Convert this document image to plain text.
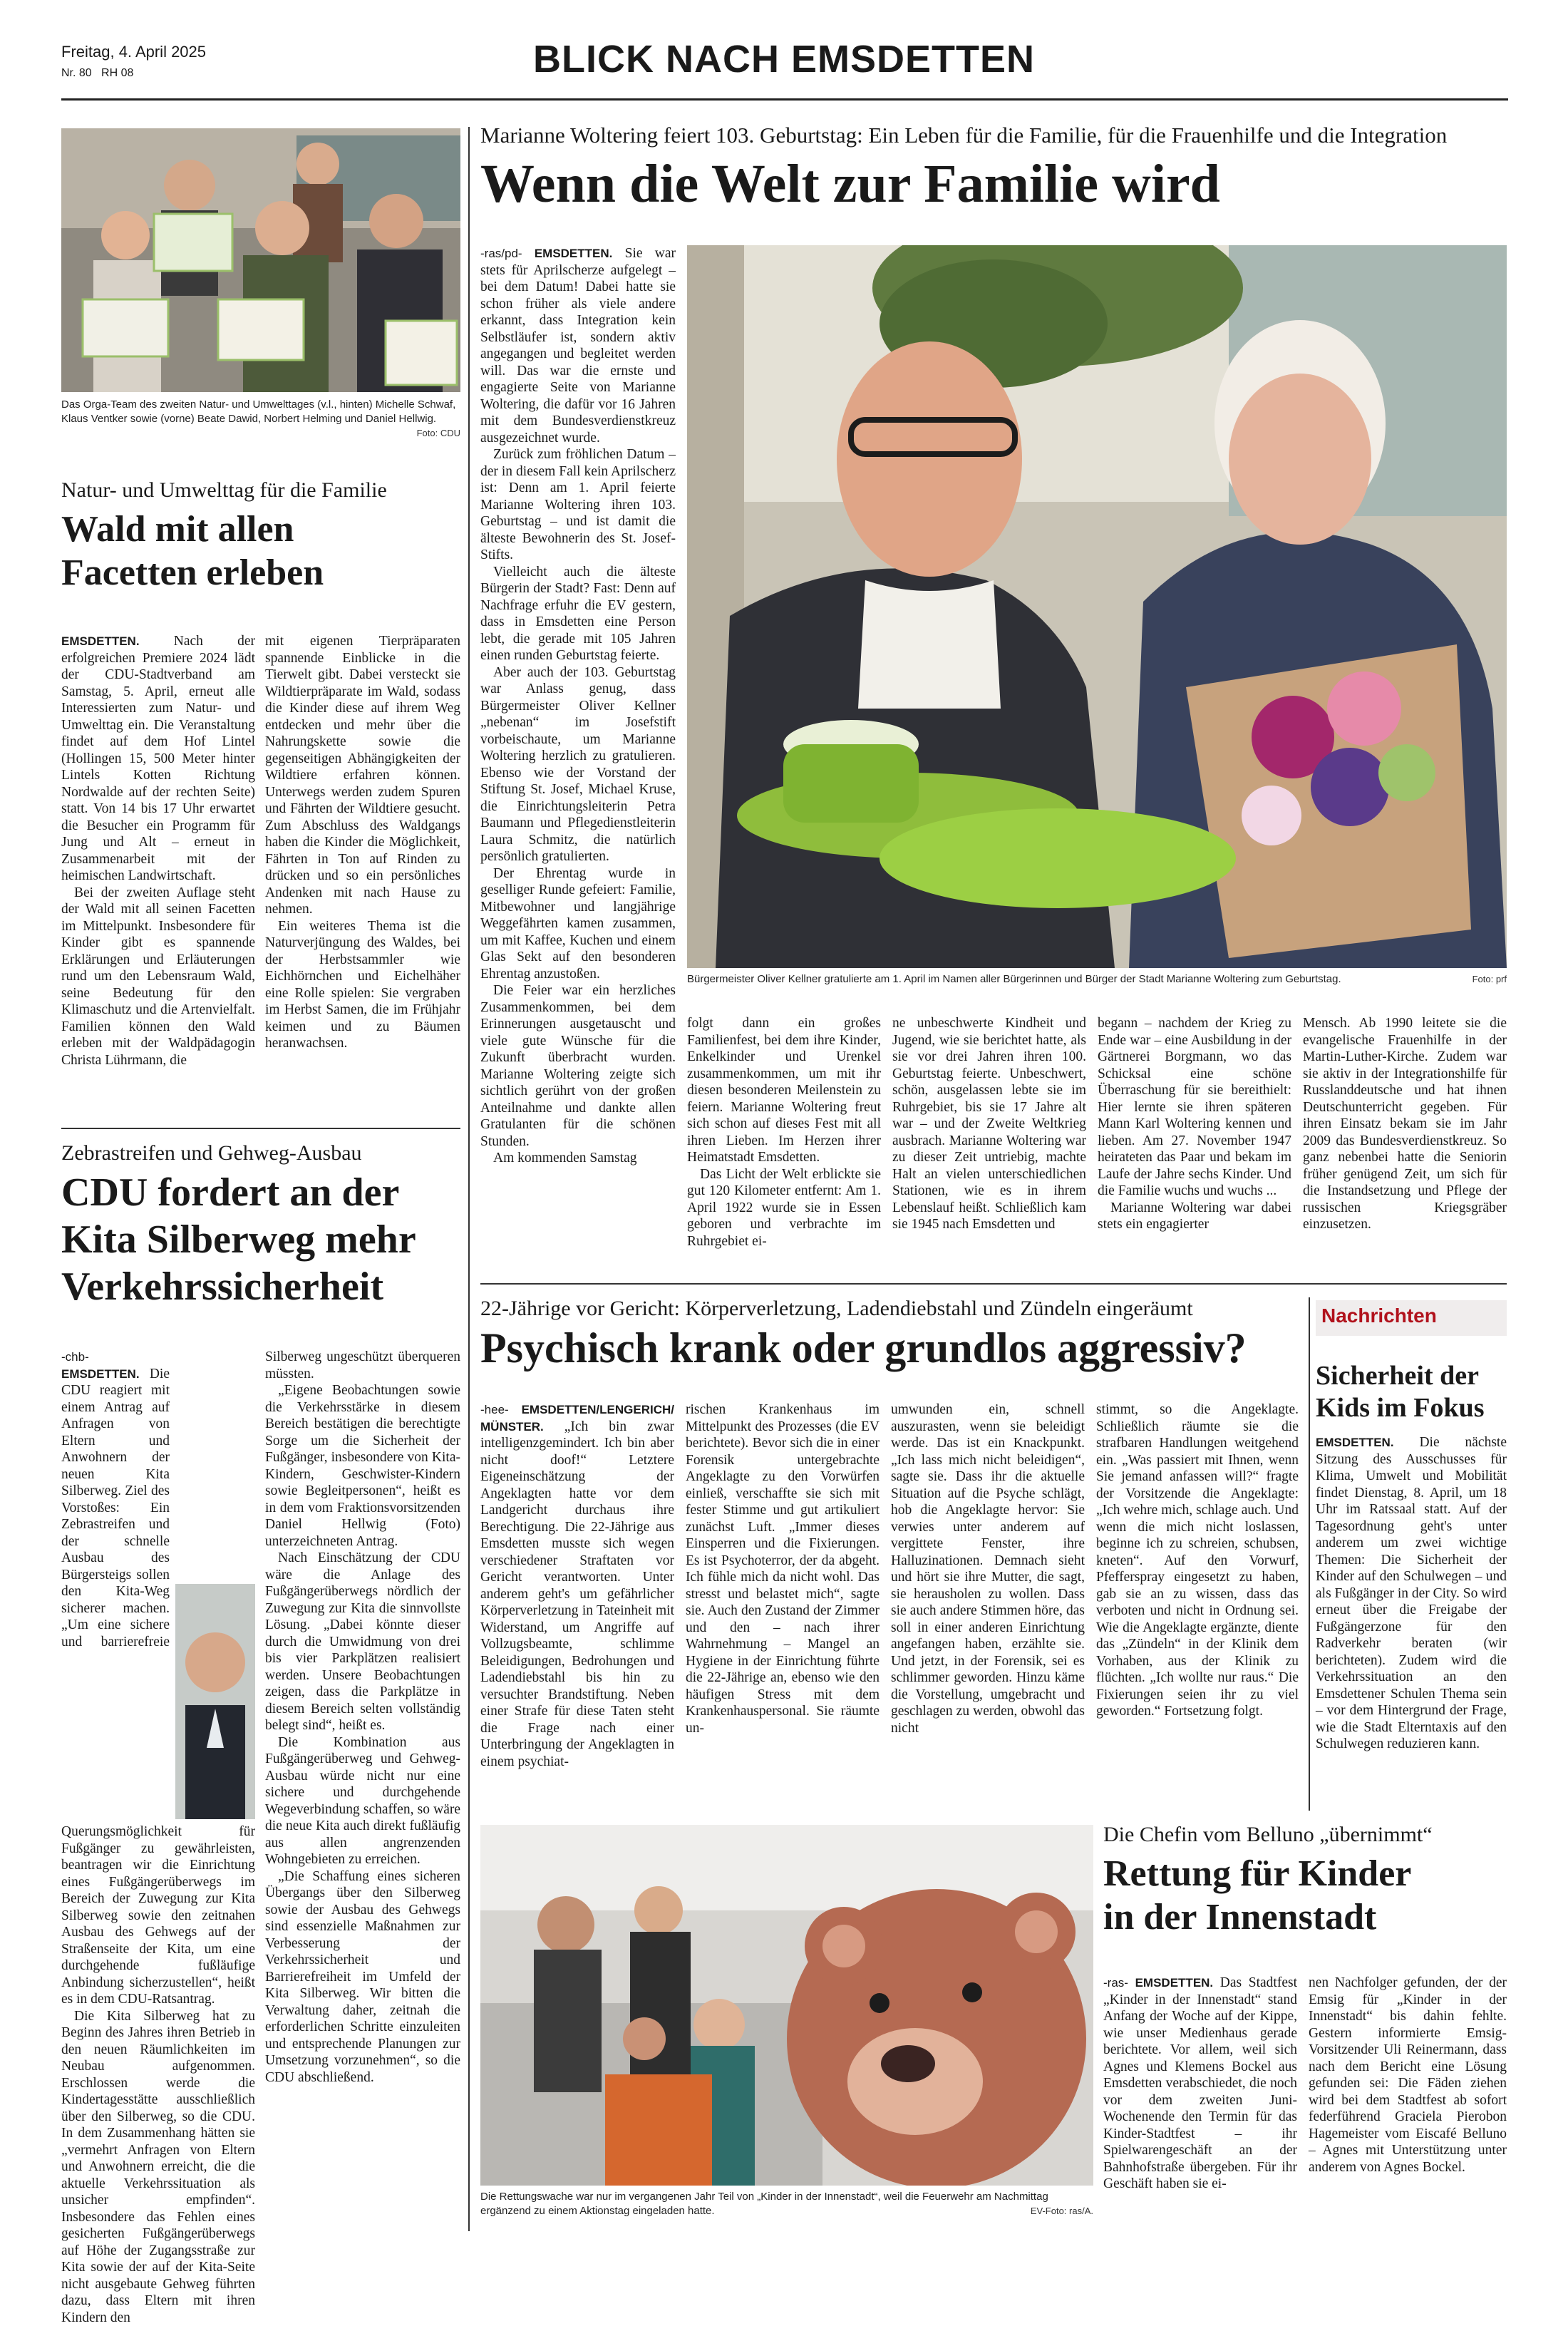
Freitag, 4. April 2025
Nr. 80 RH 08	BLICK NACH EMSDETTEN
Das Orga-Team des zweiten Natur- und Umwelttages (v.l., hinten) Michelle Schwaf, Klaus Ventker sowie (vorne) Beate Dawid, Norbert Helming und Daniel Hellwig.
Foto: CDU
Natur- und Umwelttag für die Familie
Wald mit allen
Facetten erleben

EMSDETTEN. Nach der erfolgreichen Premiere 2024 lädt der CDU-Stadtverband am Samstag, 5. April, erneut alle Interessierten zum Natur- und Umwelttag ein. Die Veranstaltung findet auf dem Hof Lintel (Hollingen 15, 500 Meter hinter Lintels Kotten Richtung Nordwalde auf der rechten Seite) statt. Von 14 bis 17 Uhr erwartet die Besucher ein Programm für Jung und Alt – erneut in Zusammenarbeit mit der heimischen Landwirtschaft.

Bei der zweiten Auflage steht der Wald mit all seinen Facetten im Mittelpunkt. Insbesondere für Kinder gibt es spannende Erklärungen und Erläuterungen rund um den Lebensraum Wald, seine Bedeutung für den Klimaschutz und die Artenvielfalt. Familien können den Wald erleben mit der Waldpädagogin Christa Lührmann, die

mit eigenen Tierpräparaten spannende Einblicke in die Tierwelt gibt. Dabei versteckt sie Wildtierpräparate im Wald, sodass die Kinder diese auf ihrem Weg entdecken und mehr über die Nahrungskette sowie die gegenseitigen Abhängigkeiten der Wildtiere erfahren können. Unterwegs werden zudem Spuren und Fährten der Wildtiere gesucht. Zum Abschluss des Waldgangs haben die Kinder die Möglichkeit, Fährten in Ton auf Rinden zu drücken und so ein persönliches Andenken mit nach Hause zu nehmen.

Ein weiteres Thema ist die Naturverjüngung des Waldes, bei der Herbstsammler wie Eichhörnchen und Eichelhäher eine Rolle spielen: Sie vergraben im Herbst Samen, die im Frühjahr keimen und zu Bäumen heranwachsen.

Zebrastreifen und Gehweg-Ausbau
CDU fordert an der
Kita Silberweg mehr
Verkehrssicherheit

-chb- EMSDETTEN. Die CDU reagiert mit einem Antrag auf Anfragen von Eltern und Anwohnern der neuen Kita Silberweg. Ziel des Vorstoßes: Ein Zebrastreifen und der schnelle Ausbau des Bürgersteigs sollen den Kita-Weg sicherer machen. „Um eine sichere und barrierefreie Querungsmöglichkeit für Fußgänger zu gewährleisten, beantragen wir die Einrichtung eines Fußgängerüberwegs im Bereich der Zuwegung zur Kita Silberweg sowie den zeitnahen Ausbau des Gehwegs auf der Straßenseite der Kita, um eine durchgehende fußläufige Anbindung sicherzustellen“, heißt es in dem CDU-Ratsantrag.

Die Kita Silberweg hat zu Beginn des Jahres ihren Betrieb in den neuen Räumlichkeiten im Neubau aufgenommen. Erschlossen werde die Kindertagesstätte ausschließlich über den Silberweg, so die CDU. In dem Zusammenhang hätten sie „vermehrt Anfragen von Eltern und Anwohnern erreicht, die die aktuelle Verkehrssituation als unsicher empfinden“. Insbesondere das Fehlen eines gesicherten Fußgängerüberwegs auf Höhe der Zugangsstraße zur Kita sowie der auf der Kita-Seite nicht ausgebaute Gehweg führten dazu, dass Eltern mit ihren Kindern den

Silberweg ungeschützt überqueren müssten.

„Eigene Beobachtungen sowie die Verkehrsstärke in diesem Bereich bestätigen die berechtigte Sorge um die Sicherheit der Fußgänger, insbesondere von Kita-Kindern, Geschwister-Kindern sowie Begleitpersonen“, heißt es in dem vom Fraktionsvorsitzenden Daniel Hellwig (Foto) unterzeichneten Antrag.

Nach Einschätzung der CDU wäre die Anlage des Fußgängerüberwegs nördlich der Zuwegung zur Kita die sinnvollste Lösung. „Dabei könnte dieser durch die Umwidmung von drei bis vier Parkplätzen realisiert werden. Unsere Beobachtungen zeigen, dass die Parkplätze in diesem Bereich selten vollständig belegt sind“, heißt es.

Die Kombination aus Fußgängerüberweg und Gehweg-Ausbau würde nicht nur eine sichere und durchgehende Wegeverbindung schaffen, so wäre die neue Kita auch direkt fußläufig aus allen angrenzenden Wohngebieten zu erreichen.

„Die Schaffung eines sicheren Übergangs über den Silberweg sowie der Ausbau des Gehwegs sind essenzielle Maßnahmen zur Verbesserung der Verkehrssicherheit und Barrierefreiheit im Umfeld der Kita Silberweg. Wir bitten die Verwaltung daher, zeitnah die erforderlichen Schritte einzuleiten und entsprechende Planungen zur Umsetzung vorzunehmen“, so die CDU abschließend.

Marianne Woltering feiert 103. Geburtstag: Ein Leben für die Familie, für die Frauenhilfe und die Integration
Wenn die Welt zur Familie wird

-ras/pd- EMSDETTEN. Sie war stets für Aprilscherze aufgelegt – bei dem Datum! Dabei hatte sie schon früher als viele andere erkannt, dass Integration kein Selbstläufer ist, sondern aktiv angegangen und begleitet werden will. Das war die ernste und engagierte Seite von Marianne Woltering, die dafür vor 16 Jahren mit dem Bundesverdienstkreuz ausgezeichnet wurde.

Zurück zum fröhlichen Datum – der in diesem Fall kein Aprilscherz ist: Denn am 1. April feierte Marianne Woltering ihren 103. Geburtstag – und ist damit die älteste Bewohnerin des St. Josef-Stifts.

Vielleicht auch die älteste Bürgerin der Stadt? Fast: Denn auf Nachfrage erfuhr die EV gestern, dass in Emsdetten eine Person lebt, die gerade mit 105 Jahren einen runden Geburtstag feierte.

Aber auch der 103. Geburtstag war Anlass genug, dass Bürgermeister Oliver Kellner „nebenan“ im Josefstift vorbeischaute, um Marianne Woltering herzlich zu gratulieren. Ebenso wie der Vorstand der Stiftung St. Josef, Michael Kruse, die Einrichtungsleiterin Petra Baumann und Pflegedienstleiterin Laura Schmitz, die natürlich persönlich gratulierten.

Der Ehrentag wurde in geselliger Runde gefeiert: Familie, Mitbewohner und langjährige Weggefährten kamen zusammen, um mit Kaffee, Kuchen und einem Glas Sekt auf den besonderen Ehrentag anzustoßen.

Die Feier war ein herzliches Zusammenkommen, bei dem Erinnerungen ausgetauscht und viele gute Wünsche für die Zukunft überbracht wurden. Marianne Woltering zeigte sich sichtlich gerührt von der großen Anteilnahme und dankte allen Gratulanten für die schönen Stunden.

Am kommenden Samstag

Bürgermeister Oliver Kellner gratulierte am 1. April im Namen aller Bürgerinnen und Bürger der Stadt Marianne Woltering zum Geburtstag.	Foto: prf

folgt dann ein großes Familienfest, bei dem ihre Kinder, Enkelkinder und Urenkel zusammenkommen, um mit ihr diesen besonderen Meilenstein zu feiern. Marianne Woltering freut sich schon auf dieses Fest mit all ihren Lieben. Im Herzen ihrer Heimatstadt Emsdetten.

Das Licht der Welt erblickte sie gut 120 Kilometer entfernt: Am 1. April 1922 wurde sie in Essen geboren und verbrachte im Ruhrgebiet ei-

ne unbeschwerte Kindheit und Jugend, wie sie berichtet hatte, als sie vor drei Jahren ihren 100. Geburtstag feierte. Unbeschwert, schön, ausgelassen lebte sie im Ruhrgebiet, bis sie 17 Jahre alt war – und der Zweite Weltkrieg ausbrach. Marianne Woltering war zu dieser Zeit untriebig, machte Halt an vielen unterschiedlichen Stationen, wie es in ihrem Lebenslauf heißt. Schließlich kam sie 1945 nach Emsdetten und

begann – nachdem der Krieg zu Ende war – eine Ausbildung in der Gärtnerei Borgmann, wo das Schicksal eine schöne Überraschung für sie bereithielt: Hier lernte sie ihren späteren Mann Karl Woltering kennen und lieben. Am 27. November 1947 heirateten das Paar und bekam im Laufe der Jahre sechs Kinder. Und die Familie wuchs und wuchs ...

Marianne Woltering war dabei stets ein engagierter

Mensch. Ab 1990 leitete sie die evangelische Frauenhilfe in der Martin-Luther-Kirche. Zudem war sie aktiv in der Integrationshilfe für Russlanddeutsche und hat ihnen Deutschunterricht gegeben. Für ihren Einsatz bekam sie im Jahr 2009 das Bundesverdienstkreuz. So ganz nebenbei hatte die Seniorin früher genügend Zeit, um sich für die Instandsetzung und Pflege der russischen Kriegsgräber einzusetzen.

22-Jährige vor Gericht: Körperverletzung, Ladendiebstahl und Zündeln eingeräumt
Psychisch krank oder grundlos aggressiv?

-hee- EMSDETTEN/LENGERICH/ MÜNSTER. „Ich bin zwar intelligenzgemindert. Ich bin aber nicht doof!“ Letztere Eigeneinschätzung der Angeklagten hatte vor dem Landgericht durchaus ihre Berechtigung. Die 22-Jährige aus Emsdetten musste sich wegen verschiedener Straftaten vor Gericht verantworten. Unter anderem geht's um gefährlicher Körperverletzung in Tateinheit mit Widerstand, um Angriffe auf Vollzugsbeamte, schlimme Beleidigungen, Bedrohungen und Ladendiebstahl bis hin zu versuchter Brandstiftung. Neben einer Strafe für diese Taten steht die Frage nach einer Unterbringung der Angeklagten in einem psychiat-

rischen Krankenhaus im Mittelpunkt des Prozesses (die EV berichtete). Bevor sich die in einer Forensik untergebrachte Angeklagte zu den Vorwürfen einließ, verschaffte sie sich mit fester Stimme und gut artikuliert zunächst Luft. „Immer dieses Einsperren und die Fixierungen. Es ist Psychoterror, der da abgeht. Ich fühle mich da nicht wohl. Das stresst und belastet mich“, sagte sie. Auch den Zustand der Zimmer und den – nach ihrer Wahrnehmung – Mangel an Hygiene in der Einrichtung führte die 22-Jährige an, ebenso wie den häufigen Stress mit dem Krankenhauspersonal. Sie räumte un-

umwunden ein, schnell auszurasten, wenn sie beleidigt werde. Das ist ein Knackpunkt. „Ich lass mich nicht beleidigen“, sagte sie. Dass ihr die aktuelle Situation auf die Psyche schlägt, hob die Angeklagte hervor: Sie verwies unter anderem auf vergittete Fenster, ihre Halluzinationen. Demnach sieht und hört sie ihre Mutter, die sagt, sie herausholen zu wollen. Dass sie auch andere Stimmen höre, das soll in einer anderen Einrichtung angefangen haben, erzählte sie. Und jetzt, in der Forensik, sei es schlimmer geworden. Hinzu käme die Vorstellung, umgebracht und geschlagen zu werden, obwohl das nicht

stimmt, so die Angeklagte. Schließlich räumte sie die strafbaren Handlungen weitgehend ein. „Was passiert mit Ihnen, wenn Sie jemand anfassen will?“ fragte der Vorsitzende die Angeklagte: „Ich wehre mich, schlage auch. Und wenn die mich nicht loslassen, beginne ich zu schreien, schubsen, kneten“. Auf den Vorwurf, Pfefferspray eingesetzt zu haben, gab sie an zu wissen, dass das verboten und nicht in Ordnung sei. Wie die Angeklagte ergänzte, diente das „Zündeln“ in der Klinik dem Vorhaben, aus der Klinik zu flüchten. „Ich wollte nur raus.“ Die Fixierungen seien ihr zu viel geworden.“ Fortsetzung folgt.

Nachrichten
Sicherheit der
Kids im Fokus

EMSDETTEN. Die nächste Sitzung des Ausschusses für Klima, Umwelt und Mobilität findet Dienstag, 8. April, um 18 Uhr im Ratssaal statt. Auf der Tagesordnung geht's unter anderem um zwei wichtige Themen: Die Sicherheit der Kinder auf den Schulwegen – und als Fußgänger in der City. So wird erneut über die Freigabe der Fußgängerzone für den Radverkehr beraten (wir berichteten). Zudem wird die Verkehrssituation an den Emsdettener Schulen Thema sein – vor dem Hintergrund der Frage, wie die Stadt Elterntaxis auf den Schulwegen reduzieren kann.

Die Rettungswache war nur im vergangenen Jahr Teil von „Kinder in der Innenstadt“, weil die Feuerwehr am Nachmittag ergänzend zu einem Aktionstag eingeladen hatte.	EV-Foto: ras/A.
Die Chefin vom Belluno „übernimmt“
Rettung für Kinder
in der Innenstadt

-ras- EMSDETTEN. Das Stadtfest „Kinder in der Innenstadt“ stand Anfang der Woche auf der Kippe, wie unser Medienhaus gerade berichtete. Vor allem, weil sich Agnes und Klemens Bockel aus Emsdetten verabschiedet, die noch vor dem zweiten Juni-Wochenende den Termin für das Kinder-Stadtfest – ihr Spielwarengeschäft an der Bahnhofstraße übergeben. Für ihr Geschäft haben sie ei-

nen Nachfolger gefunden, der der Emsig für „Kinder in der Innenstadt“ bis dahin fehlte. Gestern informierte Emsig-Vorsitzender Uli Reinermann, dass nach dem Bericht eine Lösung gefunden sei: Die Fäden ziehen wird bei dem Stadtfest ab sofort federführend Graciela Pierobon Hagemeister vom Eiscafé Belluno – Agnes mit Unterstützung unter anderem von Agnes Bockel.
